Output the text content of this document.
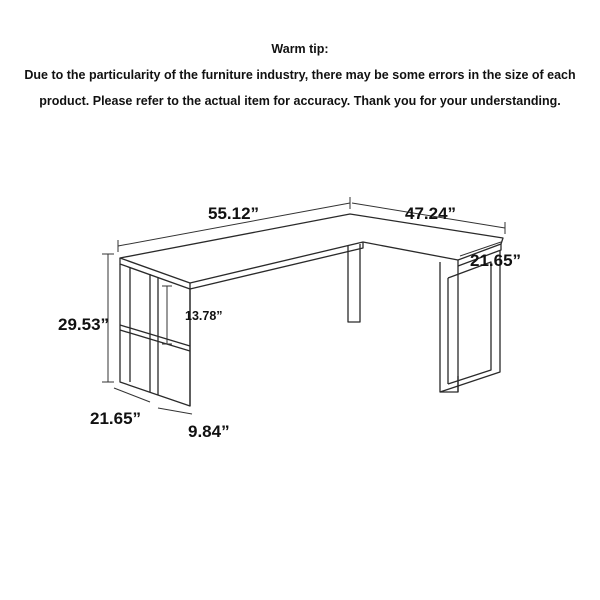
Warm tip:
Due to the particularity of the furniture industry, there may be some errors in the size of each
product. Please refer to the actual item for accuracy. Thank you for your understanding.
55.12”	47.24”
21.65”
29.53”	13.78”
21.65”
9.84”
